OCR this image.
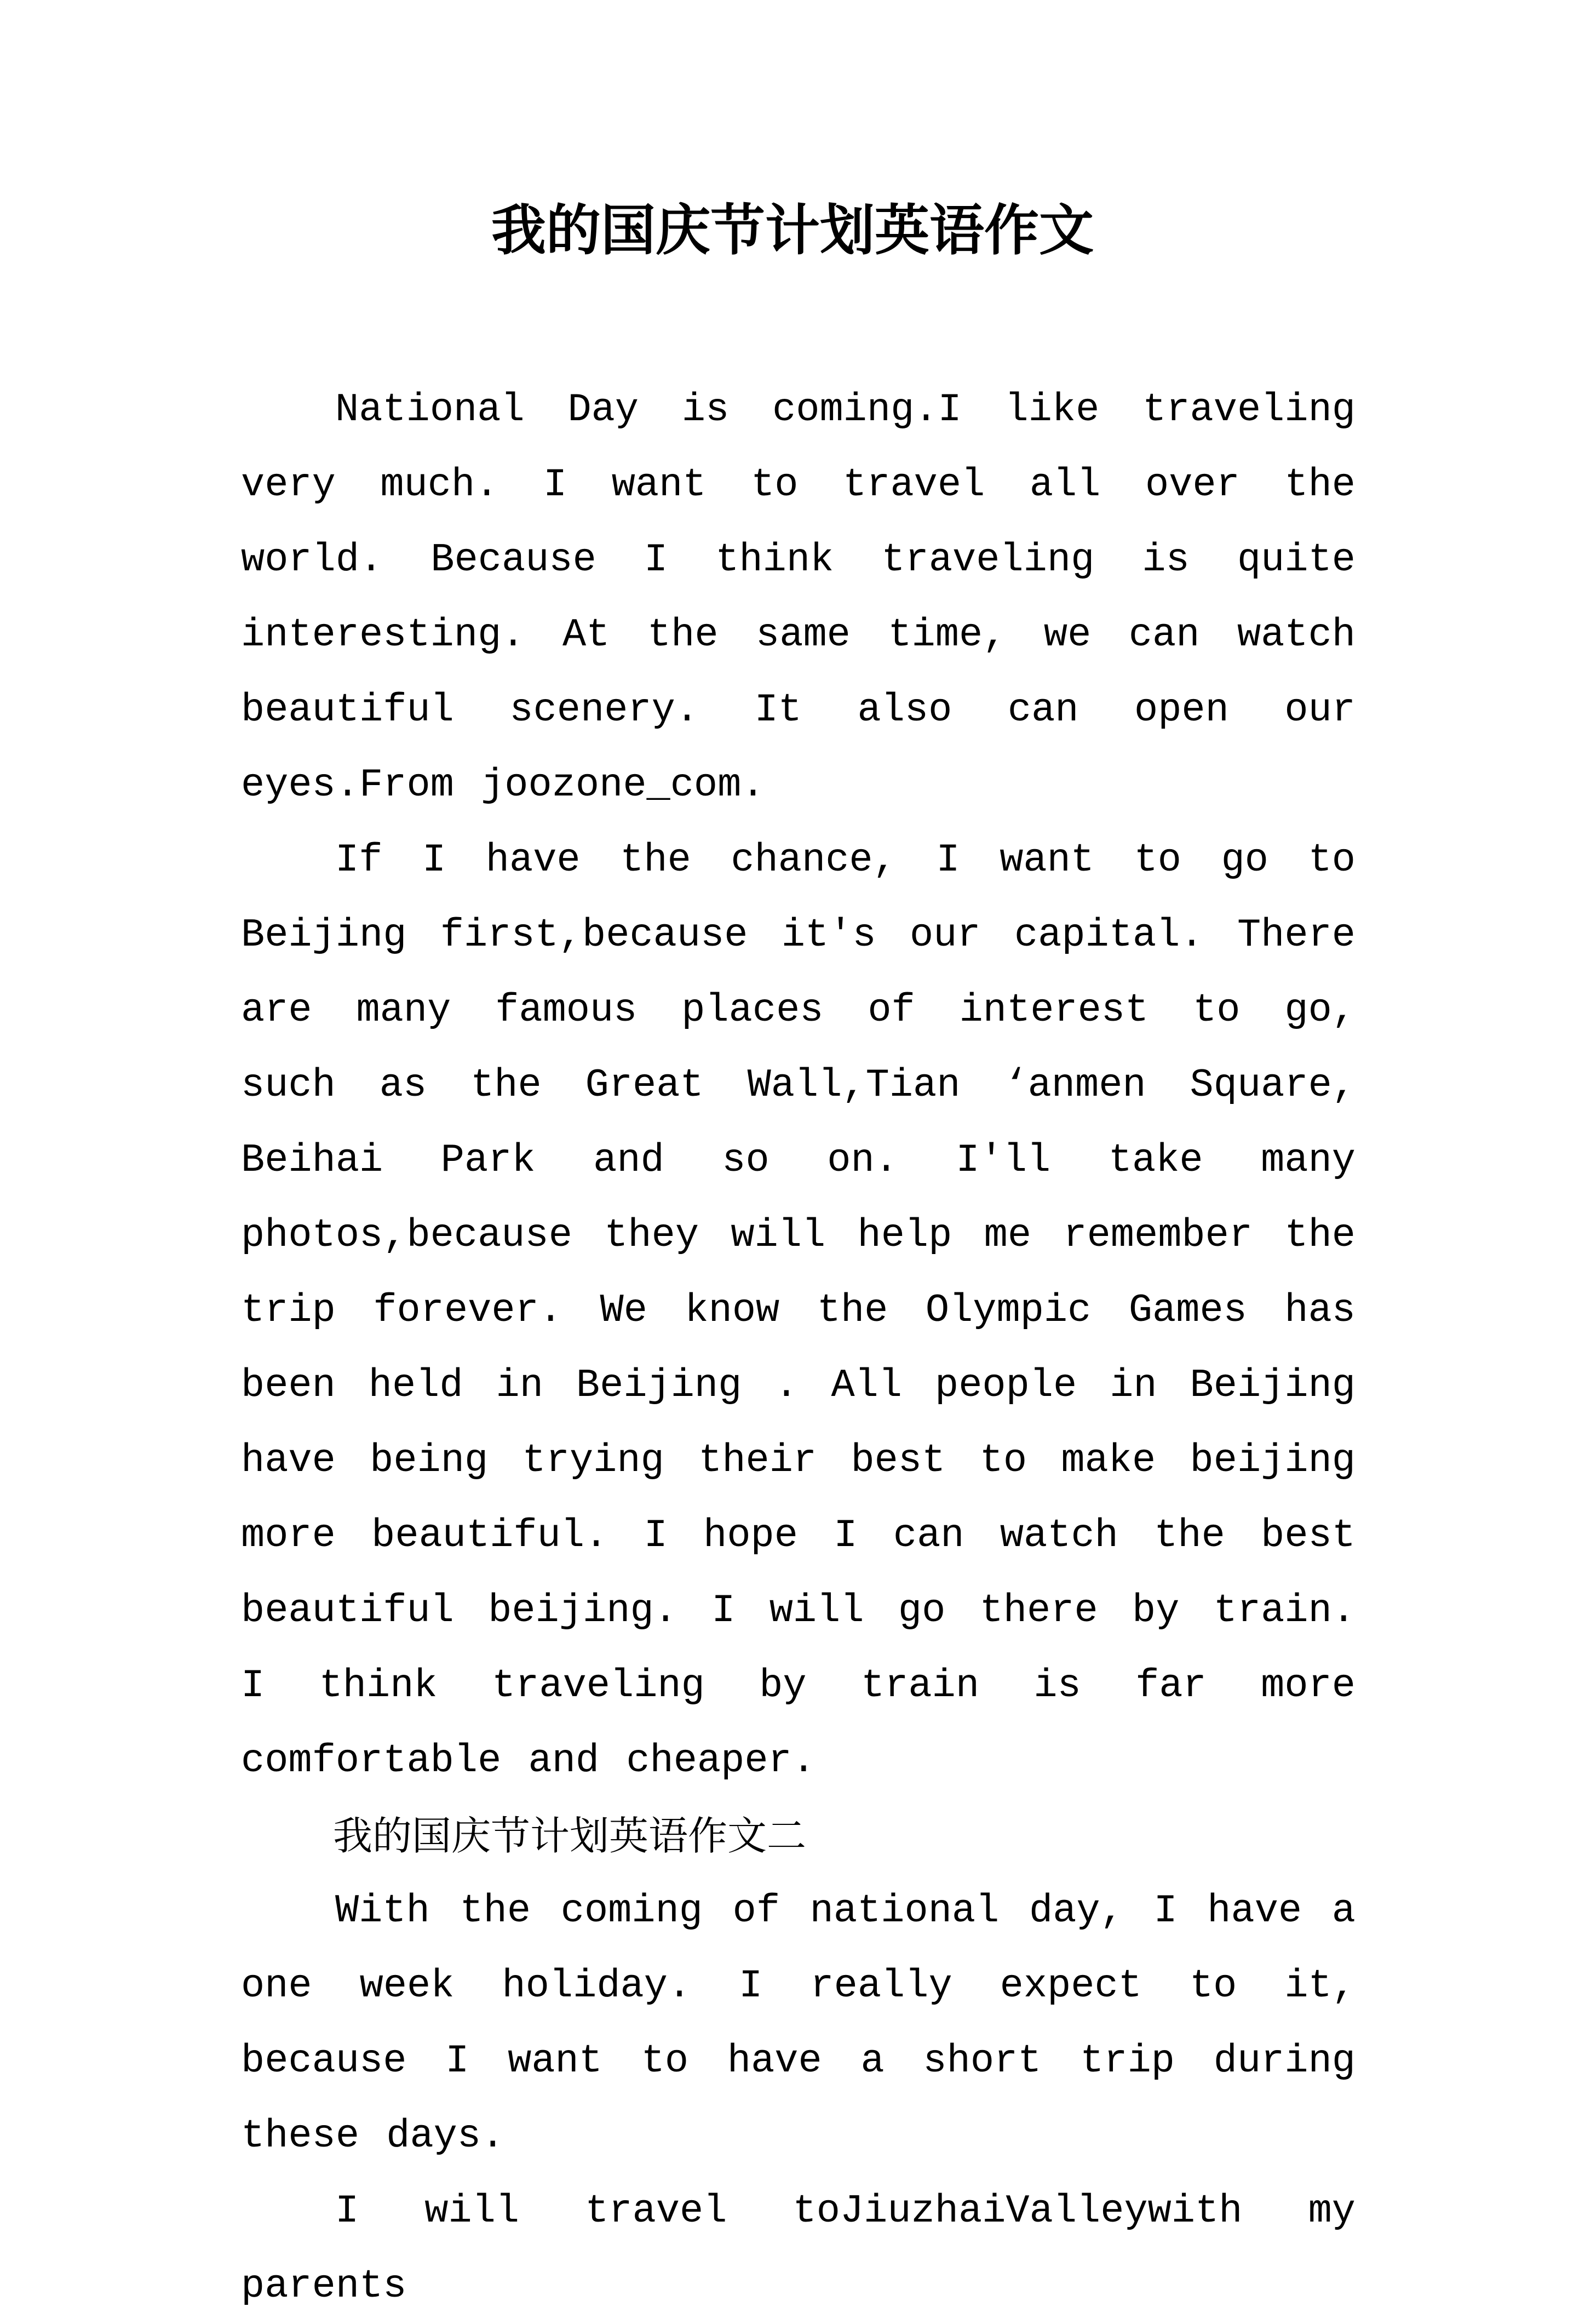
我的国庆节计划英语作文

National Day is coming.I like traveling very much. I want to travel all over the world. Because I think traveling is quite interesting. At the same time, we can watch beautiful scenery. It also can open our eyes.From joozone_com.

If I have the chance, I want to go to Beijing first,because it's our capital. There are many famous places of interest to go, such as the Great Wall,Tian ‘anmen Square, Beihai Park and so on. I'll take many photos,because they will help me remember the trip forever. We know the Olympic Games has been held in Beijing . All people in Beijing have being trying their best to make beijing more beautiful. I hope I can watch the best beautiful beijing. I will go there by train. I think traveling by train is far more comfortable and cheaper.

我的国庆节计划英语作文二

With the coming of national day, I have a one week holiday. I really expect to it, because I want to have a short trip during these days.

I will travel toJiuzhaiValleywith my parents
